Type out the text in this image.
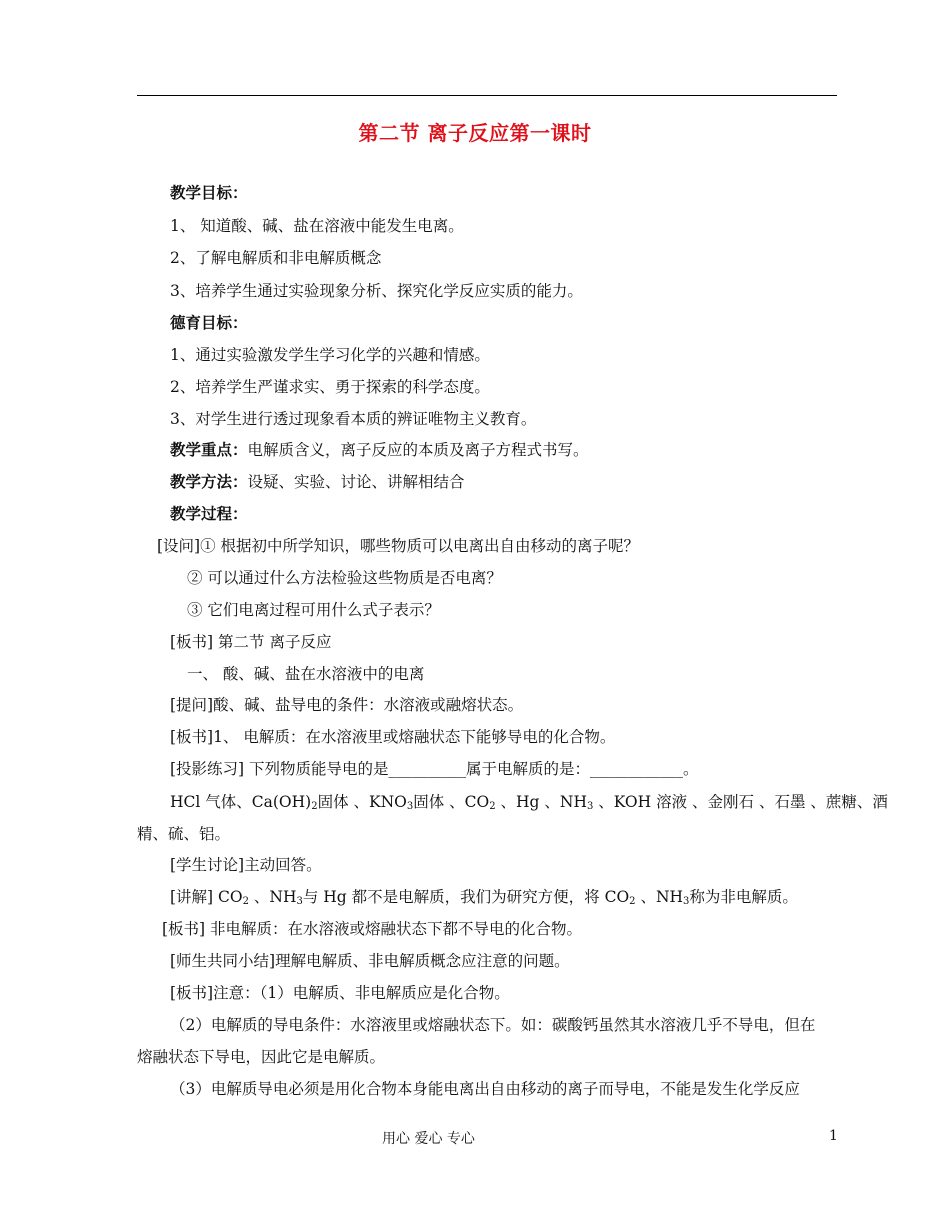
第二节 离子反应第一课时
教学目标：
1、 知道酸、碱、盐在溶液中能发生电离。
2、了解电解质和非电解质概念
3、培养学生通过实验现象分析、探究化学反应实质的能力。
德育目标：
1、通过实验激发学生学习化学的兴趣和情感。
2、培养学生严谨求实、勇于探索的科学态度。
3、对学生进行透过现象看本质的辨证唯物主义教育。
教学重点：电解质含义，离子反应的本质及离子方程式书写。
教学方法：设疑、实验、讨论、讲解相结合
教学过程：
[设问]① 根据初中所学知识，哪些物质可以电离出自由移动的离子呢？
② 可以通过什么方法检验这些物质是否电离？
③ 它们电离过程可用什么式子表示？
[板书] 第二节 离子反应
一、 酸、碱、盐在水溶液中的电离
[提问]酸、碱、盐导电的条件：水溶液或融熔状态。
[板书]1、 电解质：在水溶液里或熔融状态下能够导电的化合物。
[投影练习] 下列物质能导电的是__________属于电解质的是：____________。
HCl 气体、$Ca(OH)_2$固体 、$KNO_3$固体 、$CO_2$ 、Hg 、$NH_3$ 、KOH 溶液 、金刚石 、石墨 、蔗糖、酒
精、硫、铝。
[学生讨论]主动回答。
[讲解] $CO_2$ 、$NH_3$与 Hg 都不是电解质，我们为研究方便，将 $CO_2$ 、$NH_3$称为非电解质。
[板书] 非电解质：在水溶液或熔融状态下都不导电的化合物。
[师生共同小结]理解电解质、非电解质概念应注意的问题。
[板书]注意：（1）电解质、非电解质应是化合物。
（2）电解质的导电条件：水溶液里或熔融状态下。如：碳酸钙虽然其水溶液几乎不导电，但在
熔融状态下导电，因此它是电解质。
（3）电解质导电必须是用化合物本身能电离出自由移动的离子而导电，不能是发生化学反应
用心 爱心 专心	1
